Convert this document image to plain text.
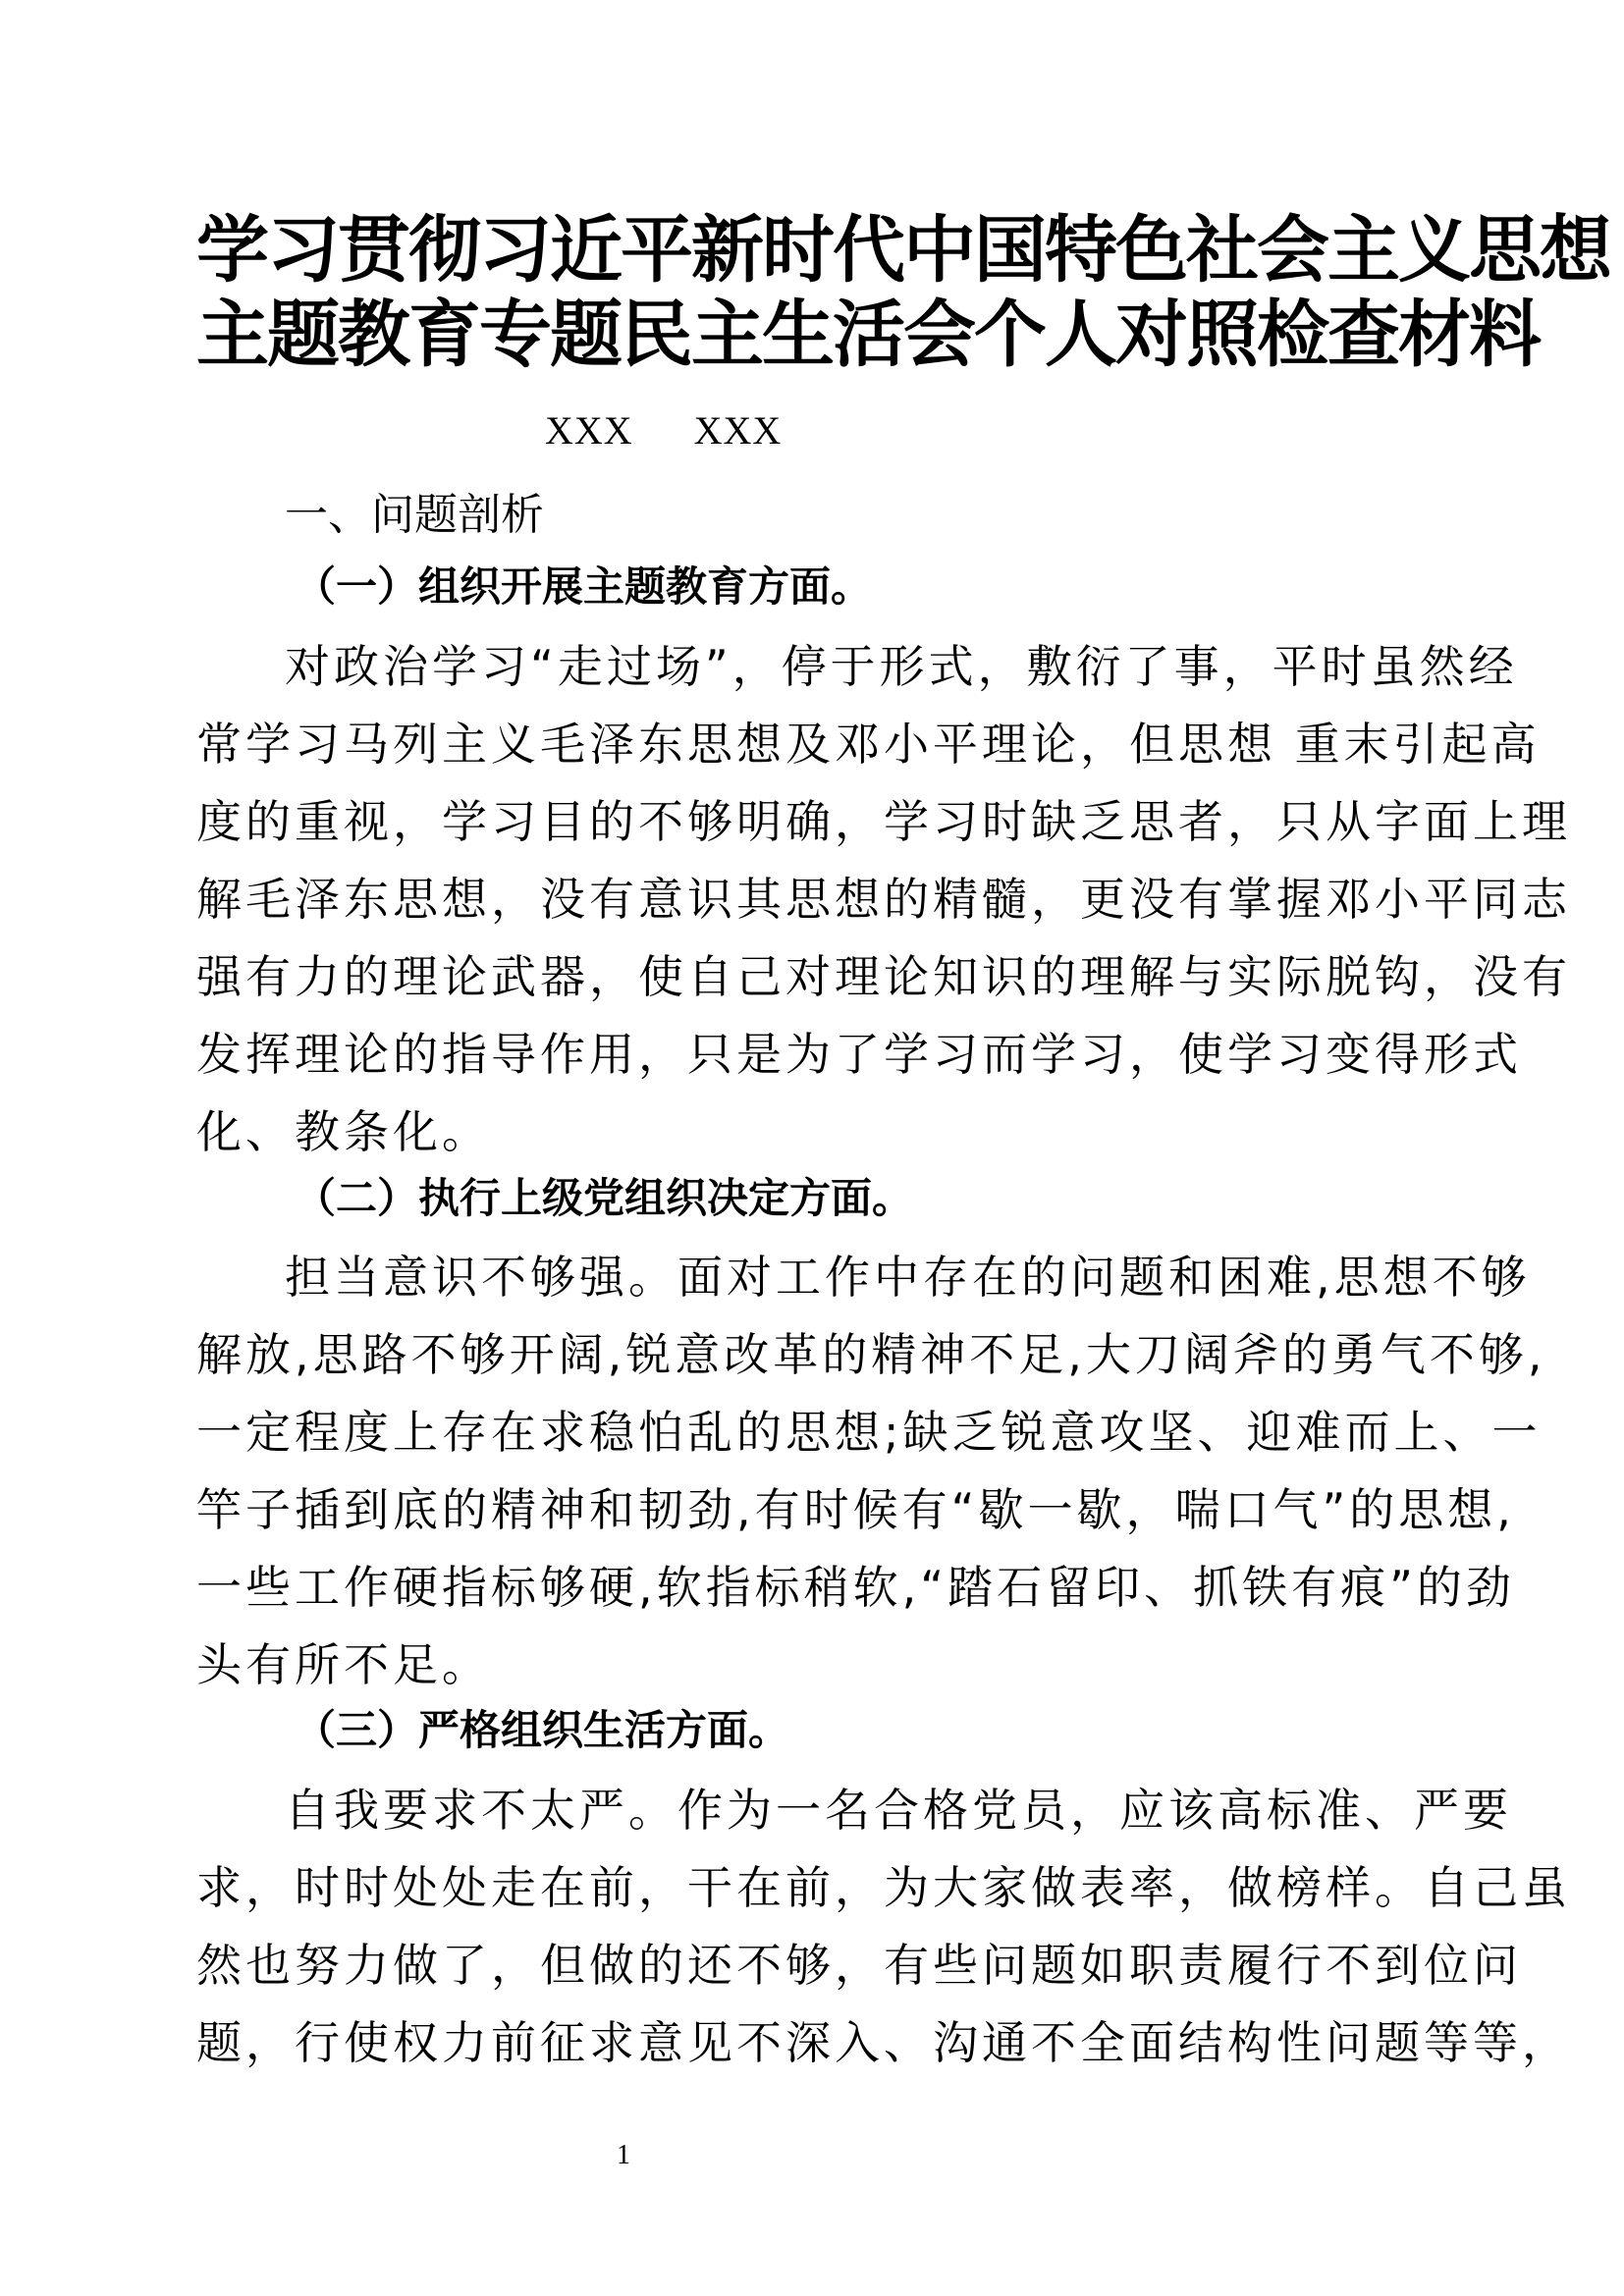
学习贯彻习近平新时代中国特色社会主义思想
主题教育专题民主生活会个人对照检查材料
XXX  XXX
一、问题剖析
（一）组织开展主题教育方面。
对政治学习“走过场”，停于形式，敷衍了事，平时虽然经
常学习马列主义毛泽东思想及邓小平理论，但思想 重末引起高
度的重视，学习目的不够明确，学习时缺乏思者，只从字面上理
解毛泽东思想，没有意识其思想的精髓，更没有掌握邓小平同志
强有力的理论武器，使自己对理论知识的理解与实际脱钩，没有
发挥理论的指导作用，只是为了学习而学习，使学习变得形式
化、教条化。
（二）执行上级党组织决定方面。
担当意识不够强。面对工作中存在的问题和困难,思想不够
解放,思路不够开阔,锐意改革的精神不足,大刀阔斧的勇气不够,
一定程度上存在求稳怕乱的思想;缺乏锐意攻坚、迎难而上、一
竿子插到底的精神和韧劲,有时候有“歇一歇，喘口气”的思想,
一些工作硬指标够硬,软指标稍软,“踏石留印、抓铁有痕”的劲
头有所不足。
（三）严格组织生活方面。
自我要求不太严。作为一名合格党员，应该高标准、严要
求，时时处处走在前，干在前，为大家做表率，做榜样。自己虽
然也努力做了，但做的还不够，有些问题如职责履行不到位问
题，行使权力前征求意见不深入、沟通不全面结构性问题等等，
1
